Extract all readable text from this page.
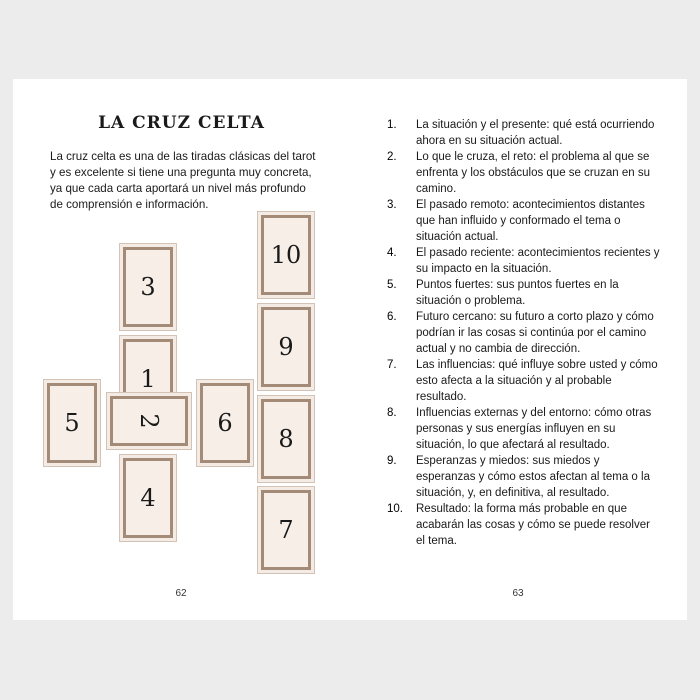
LA CRUZ CELTA
La cruz celta es una de las tiradas clásicas del tarot y es excelente si tiene una pregunta muy concreta, ya que cada carta aportará un nivel más profundo de comprensión e información.
3
1
4
5	2	6
10
9
8
7
62
1.	La situación y el presente: qué está ocurriendo ahora en su situación actual.
2.	Lo que le cruza, el reto: el problema al que se enfrenta y los obstáculos que se cruzan en su camino.
3.	El pasado remoto: acontecimientos distantes que han influido y conformado el tema o situación actual.
4.	El pasado reciente: acontecimientos recientes y su impacto en la situación.
5.	Puntos fuertes: sus puntos fuertes en la situación o problema.
6.	Futuro cercano: su futuro a corto plazo y cómo podrían ir las cosas si continúa por el camino actual y no cambia de dirección.
7.	Las influencias: qué influye sobre usted y cómo esto afecta a la situación y al probable resultado.
8.	Influencias externas y del entorno: cómo otras personas y sus energías influyen en su situación, lo que afectará al resultado.
9.	Esperanzas y miedos: sus miedos y esperanzas y cómo estos afectan al tema o la situación, y, en definitiva, al resultado.
10.	Resultado: la forma más probable en que acabarán las cosas y cómo se puede resolver el tema.
63
